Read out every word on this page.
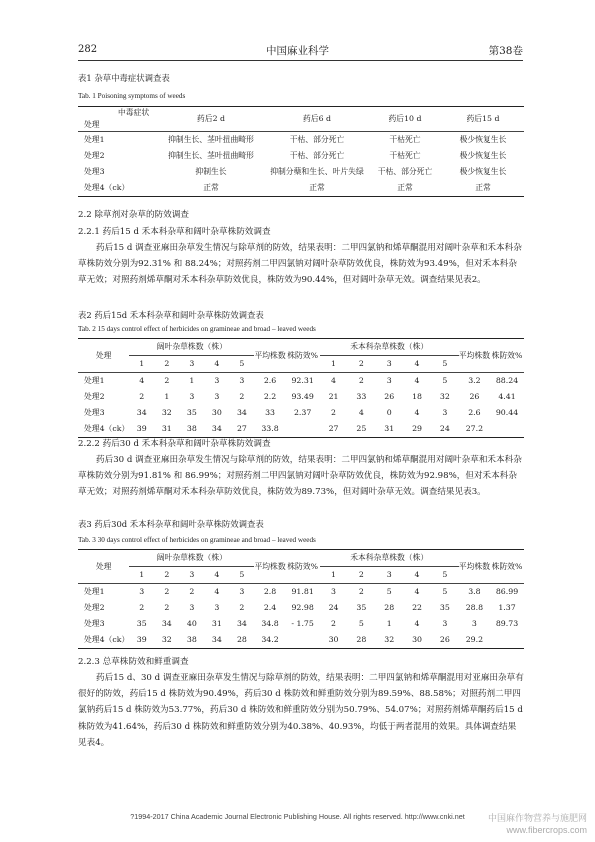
282	中国麻业科学	第38卷
表1 杂草中毒症状调查表
Tab. 1 Poisoning symptoms of weeds
中毒症状
处理	药后2 d	药后6 d	药后10 d	药后15 d
处理1	抑制生长、茎叶扭曲畸形	干枯、部分死亡	干枯死亡	极少恢复生长
处理2	抑制生长、茎叶扭曲畸形	干枯、部分死亡	干枯死亡	极少恢复生长
处理3	抑制生长	抑制分蘖和生长、叶片失绿	干枯、部分死亡	极少恢复生长
处理4（ck）	正常	正常	正常	正常
2.2 除草剂对杂草的防效调查
2.2.1 药后15 d 禾本科杂草和阔叶杂草株防效调查
药后15 d 调查亚麻田杂草发生情况与除草剂的防效，结果表明：二甲四氯钠和烯草酮混用对阔叶杂草和禾本科杂草株防效分别为92.31% 和 88.24%；对照药剂二甲四氯钠对阔叶杂草防效优良，株防效为93.49%，但对禾本科杂草无效；对照药剂烯草酮对禾本科杂草防效优良，株防效为90.44%，但对阔叶杂草无效。调查结果见表2。
表2 药后15d 禾本科杂草和阔叶杂草株防效调查表
Tab. 2 15 days control effect of herbicides on gramineae and broad – leaved weeds
处理	阔叶杂草株数（株）					平均株数	株防效%	禾本科杂草株数（株）					平均株数	株防效%
	1	2	3	4	5			1	2	3	4	5		
处理1	4	2	1	3	3	2.6	92.31	4	2	3	4	5	3.2	88.24
处理2	2	1	3	3	2	2.2	93.49	21	33	26	18	32	26	4.41
处理3	34	32	35	30	34	33	2.37	2	4	0	4	3	2.6	90.44
处理4（ck）	39	31	38	34	27	33.8		27	25	31	29	24	27.2	
2.2.2 药后30 d 禾本科杂草和阔叶杂草株防效调查
药后30 d 调查亚麻田杂草发生情况与除草剂的防效，结果表明：二甲四氯钠和烯草酮混用对阔叶杂草和禾本科杂草株防效分别为91.81% 和 86.99%；对照药剂二甲四氯钠对阔叶杂草防效优良，株防效为92.98%，但对禾本科杂草无效；对照药剂烯草酮对禾本科杂草防效优良，株防效为89.73%，但对阔叶杂草无效。调查结果见表3。
表3 药后30d 禾本科杂草和阔叶杂草株防效调查表
Tab. 3 30 days control effect of herbicides on gramineae and broad – leaved weeds
处理	阔叶杂草株数（株）					平均株数	株防效%	禾本科杂草株数（株）					平均株数	株防效%
	1	2	3	4	5			1	2	3	4	5		
处理1	3	2	2	4	3	2.8	91.81	3	2	5	4	5	3.8	86.99
处理2	2	2	3	3	2	2.4	92.98	24	35	28	22	35	28.8	1.37
处理3	35	34	40	31	34	34.8	- 1.75	2	5	1	4	3	3	89.73
处理4（ck）	39	32	38	34	28	34.2		30	28	32	30	26	29.2	
2.2.3 总草株防效和鲜重调查
药后15 d、30 d 调查亚麻田杂草发生情况与除草剂的防效，结果表明：二甲四氯钠和烯草酮混用对亚麻田杂草有很好的防效，药后15 d 株防效为90.49%，药后30 d 株防效和鲜重防效分别为89.59%、88.58%；对照药剂二甲四氯钠药后15 d 株防效为53.77%，药后30 d 株防效和鲜重防效分别为50.79%、54.07%；对照药剂烯草酮药后15 d 株防效为41.64%，药后30 d 株防效和鲜重防效分别为40.38%、40.93%，均低于两者混用的效果。具体调查结果见表4。
?1994-2017 China Academic Journal Electronic Publishing House. All rights reserved. http://www.cnki.net	中国麻作物营养与施肥网 www.fibercrops.com
